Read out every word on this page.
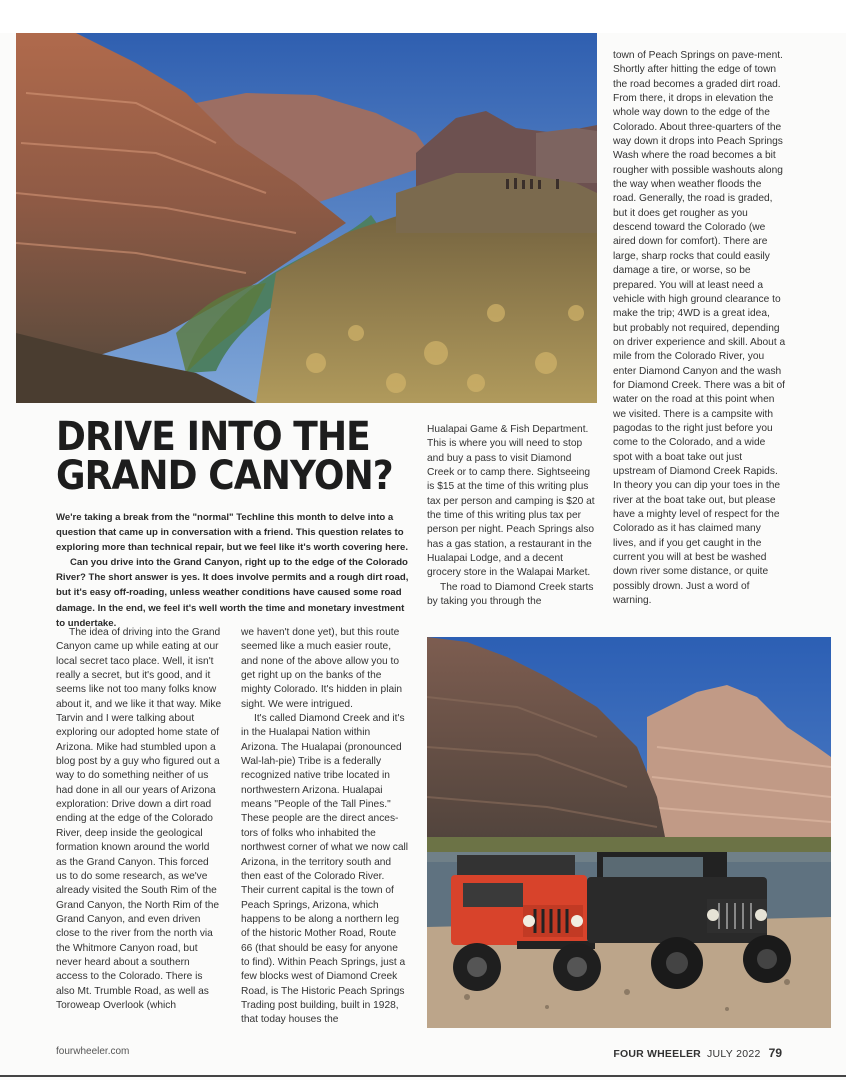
DRIVE INTO THE
GRAND CANYON?

We're taking a break from the "normal" Techline this month to delve into a question that came up in conversation with a friend. This question relates to exploring more than technical repair, but we feel like it's worth covering here.

Can you drive into the Grand Canyon, right up to the edge of the Colorado River? The short answer is yes. It does involve permits and a rough dirt road, but it's easy off-roading, unless weather conditions have caused some road damage. In the end, we feel it's well worth the time and monetary investment to undertake.

The idea of driving into the Grand Canyon came up while eating at our local secret taco place. Well, it isn't really a secret, but it's good, and it seems like not too many folks know about it, and we like it that way. Mike Tarvin and I were talking about exploring our adopted home state of Arizona. Mike had stumbled upon a blog post by a guy who figured out a way to do something neither of us had done in all our years of Arizona exploration: Drive down a dirt road ending at the edge of the Colorado River, deep inside the geological formation known around the world as the Grand Canyon. This forced us to do some research, as we've already visited the South Rim of the Grand Canyon, the North Rim of the Grand Canyon, and even driven close to the river from the north via the Whitmore Canyon road, but never heard about a southern access to the Colorado. There is also Mt. Trumble Road, as well as Toroweap Overlook (which

we haven't done yet), but this route seemed like a much easier route, and none of the above allow you to get right up on the banks of the mighty Colorado. It's hidden in plain sight. We were intrigued.

It's called Diamond Creek and it's in the Hualapai Nation within Arizona. The Hualapai (pronounced Wal-lah-pie) Tribe is a federally recognized native tribe located in northwestern Arizona. Hualapai means "People of the Tall Pines." These people are the direct ances-tors of folks who inhabited the northwest corner of what we now call Arizona, in the territory south and then east of the Colorado River. Their current capital is the town of Peach Springs, Arizona, which happens to be along a northern leg of the historic Mother Road, Route 66 (that should be easy for anyone to find). Within Peach Springs, just a few blocks west of Diamond Creek Road, is The Historic Peach Springs Trading post building, built in 1928, that today houses the

Hualapai Game & Fish Department. This is where you will need to stop and buy a pass to visit Diamond Creek or to camp there. Sightseeing is $15 at the time of this writing plus tax per person and camping is $20 at the time of this writing plus tax per person per night. Peach Springs also has a gas station, a restaurant in the Hualapai Lodge, and a decent grocery store in the Walapai Market.

The road to Diamond Creek starts by taking you through the

town of Peach Springs on pave-ment. Shortly after hitting the edge of town the road becomes a graded dirt road. From there, it drops in elevation the whole way down to the edge of the Colorado. About three-quarters of the way down it drops into Peach Springs Wash where the road becomes a bit rougher with possible washouts along the way when weather floods the road. Generally, the road is graded, but it does get rougher as you descend toward the Colorado (we aired down for comfort). There are large, sharp rocks that could easily damage a tire, or worse, so be prepared. You will at least need a vehicle with high ground clearance to make the trip; 4WD is a great idea, but probably not required, depending on driver experience and skill. About a mile from the Colorado River, you enter Diamond Canyon and the wash for Diamond Creek. There was a bit of water on the road at this point when we visited. There is a campsite with pagodas to the right just before you come to the Colorado, and a wide spot with a boat take out just upstream of Diamond Creek Rapids. In theory you can dip your toes in the river at the boat take out, but please have a mighty level of respect for the Colorado as it has claimed many lives, and if you get caught in the current you will at best be washed down river some distance, or quite possibly drown. Just a word of warning.

fourwheeler.com	FOUR WHEELER JULY 2022 79
